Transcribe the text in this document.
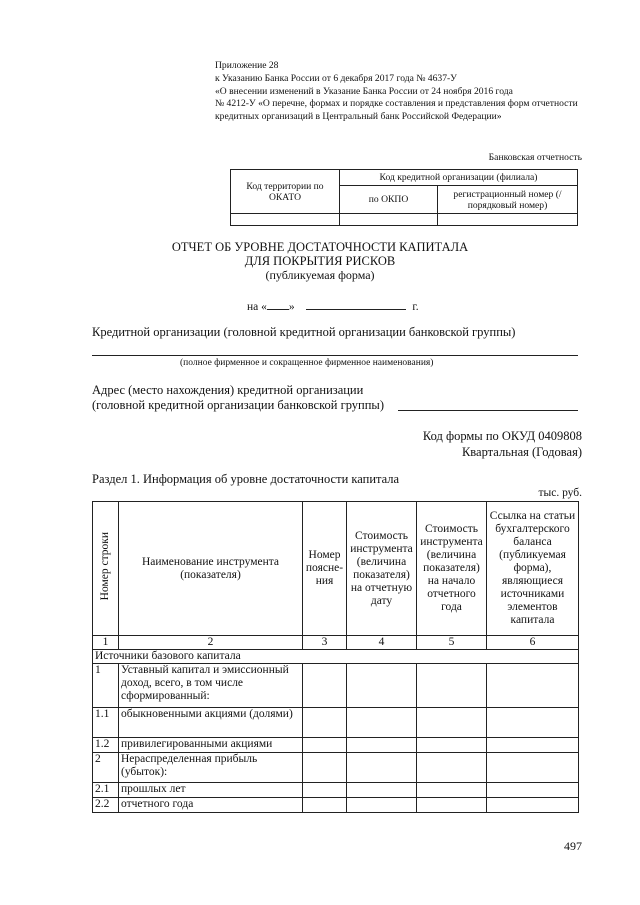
Приложение 28
к Указанию Банка России от 6 декабря 2017 года № 4637-У
«О внесении изменений в Указание Банка России от 24 ноября 2016 года
№ 4212-У «О перечне, формах и порядке составления и представления форм отчетности кредитных организаций в Центральный банк Российской Федерации»
Банковская отчетность
Код территории по ОКАТО	Код кредитной организации (филиала)	
	по ОКПО	регистрационный номер (/порядковый номер)

ОТЧЕТ ОБ УРОВНЕ ДОСТАТОЧНОСТИ КАПИТАЛА
ДЛЯ ПОКРЫТИЯ РИСКОВ
(публикуемая форма)
на « »	г.
Кредитной организации (головной кредитной организации банковской группы)
(полное фирменное и сокращенное фирменное наименования)
Адрес (место нахождения) кредитной организации
(головной кредитной организации банковской группы)
Код формы по ОКУД 0409808
Квартальная (Годовая)
Раздел 1. Информация об уровне достаточности капитала
тыс. руб.
Номер строки	Наименование инструмента (показателя)	Номер пояснения	Стоимость инструмента (величина показателя) на отчетную дату	Стоимость инструмента (величина показателя) на начало отчетного года	Ссылка на статьи бухгалтерского баланса (публикуемая форма), являющиеся источниками элементов капитала
1	2	3	4	5	6
Источники базового капитала					
1	Уставный капитал и эмиссионный доход, всего, в том числе сформированный:				
1.1	обыкновенными акциями (долями)				
1.2	привилегированными акциями				
2	Нераспределенная прибыль (убыток):				
2.1	прошлых лет				
2.2	отчетного года				
497
